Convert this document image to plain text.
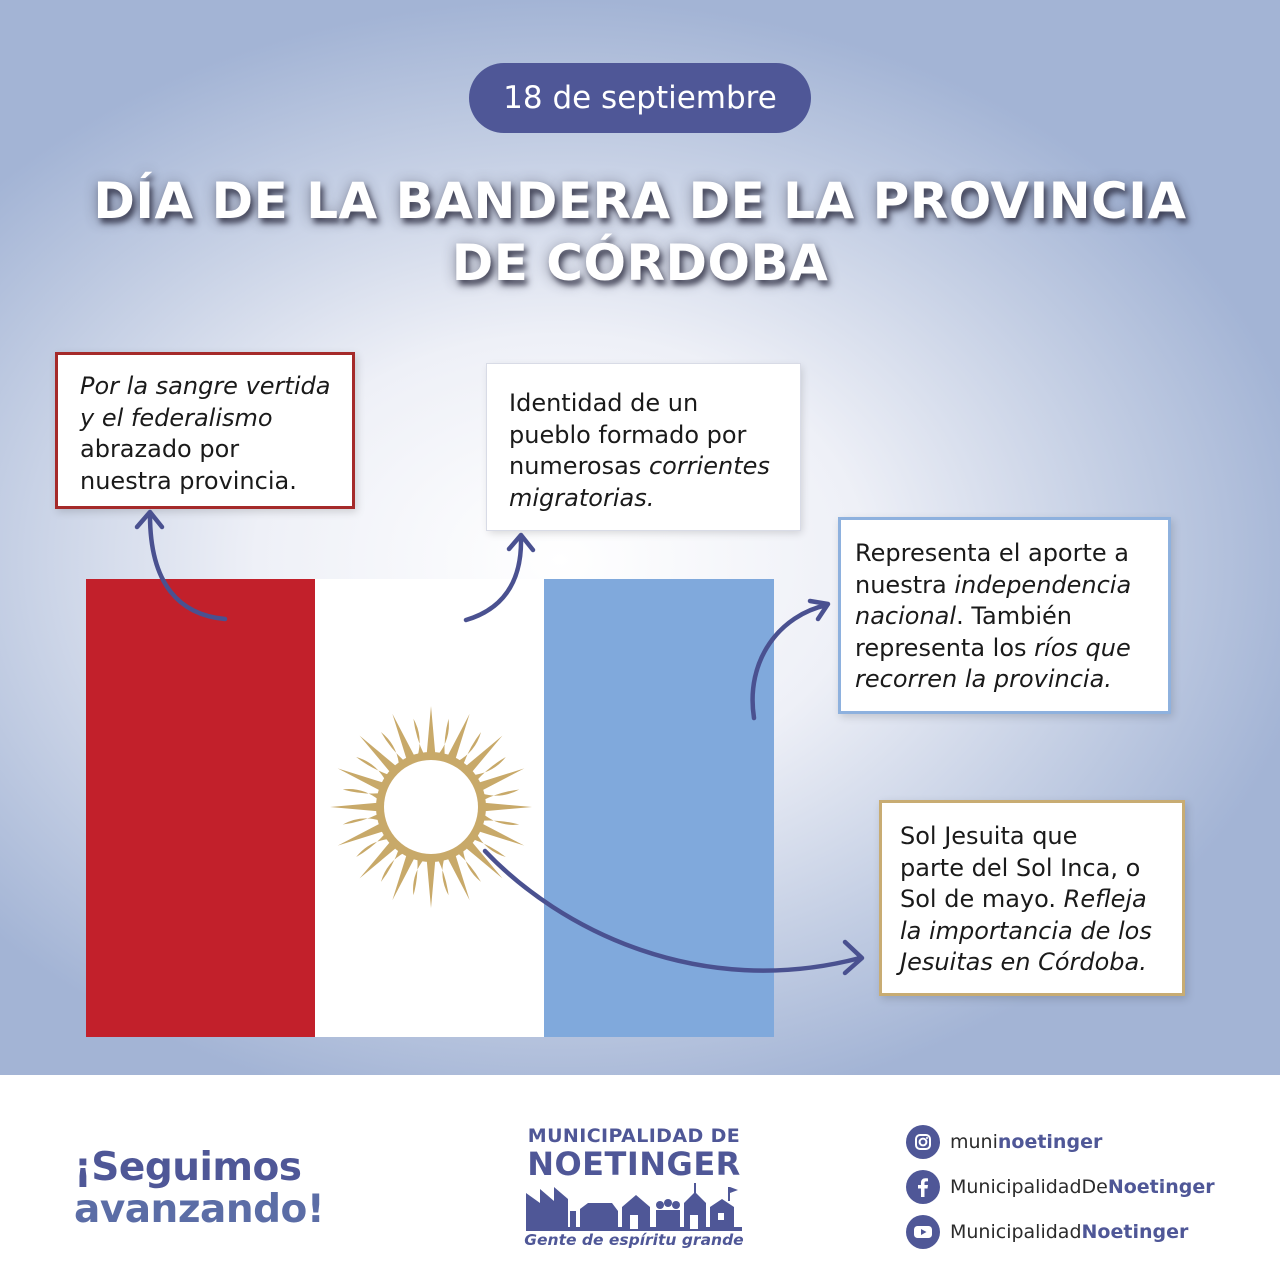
18 de septiembre
DÍA DE LA BANDERA DE LA PROVINCIA
DE CÓRDOBA
Por la sangre vertida
y el federalismo
abrazado por
nuestra provincia.
Identidad de un
pueblo formado por
numerosas corrientes
migratorias.
Representa el aporte a
nuestra independencia
nacional. También
representa los ríos que
recorren la provincia.
Sol Jesuita que
parte del Sol Inca, o
Sol de mayo. Refleja
la importancia de los
Jesuitas en Córdoba.
¡Seguimos
avanzando!
MUNICIPALIDAD DE
NOETINGER
Gente de espíritu grande
muninoetinger
MunicipalidadDeNoetinger
MunicipalidadNoetinger
